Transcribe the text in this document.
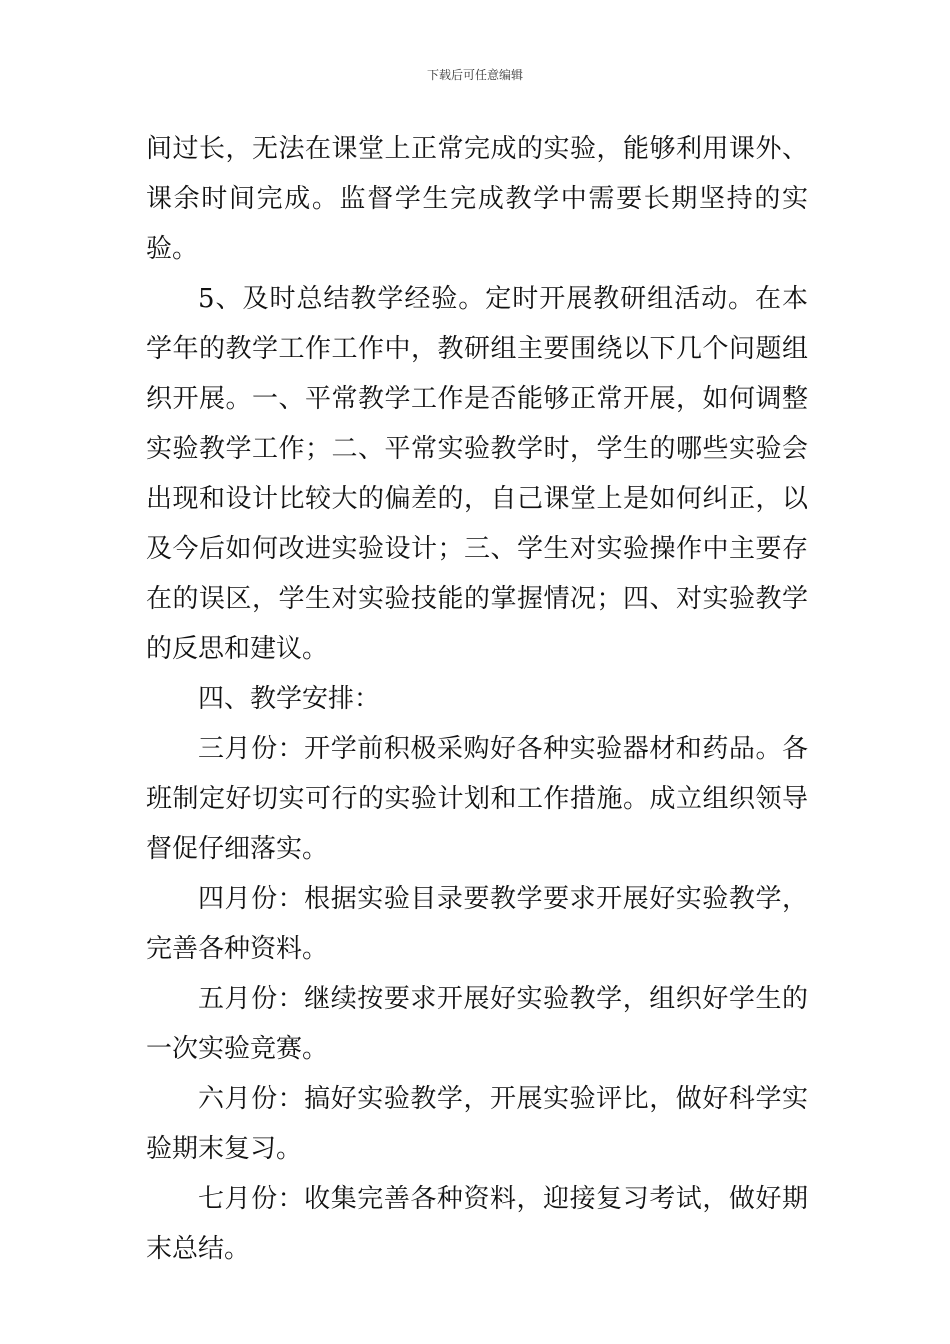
下载后可任意编辑

间过长，无法在课堂上正常完成的实验，能够利用课外、课余时间完成。监督学生完成教学中需要长期坚持的实验。

5、及时总结教学经验。定时开展教研组活动。在本学年的教学工作工作中，教研组主要围绕以下几个问题组织开展。一、平常教学工作是否能够正常开展，如何调整实验教学工作；二、平常实验教学时，学生的哪些实验会出现和设计比较大的偏差的，自己课堂上是如何纠正，以及今后如何改进实验设计；三、学生对实验操作中主要存在的误区，学生对实验技能的掌握情况；四、对实验教学的反思和建议。

四、教学安排：

三月份：开学前积极采购好各种实验器材和药品。各班制定好切实可行的实验计划和工作措施。成立组织领导督促仔细落实。

四月份：根据实验目录要教学要求开展好实验教学，完善各种资料。

五月份：继续按要求开展好实验教学，组织好学生的一次实验竞赛。

六月份：搞好实验教学，开展实验评比，做好科学实验期末复习。

七月份：收集完善各种资料，迎接复习考试，做好期末总结。
